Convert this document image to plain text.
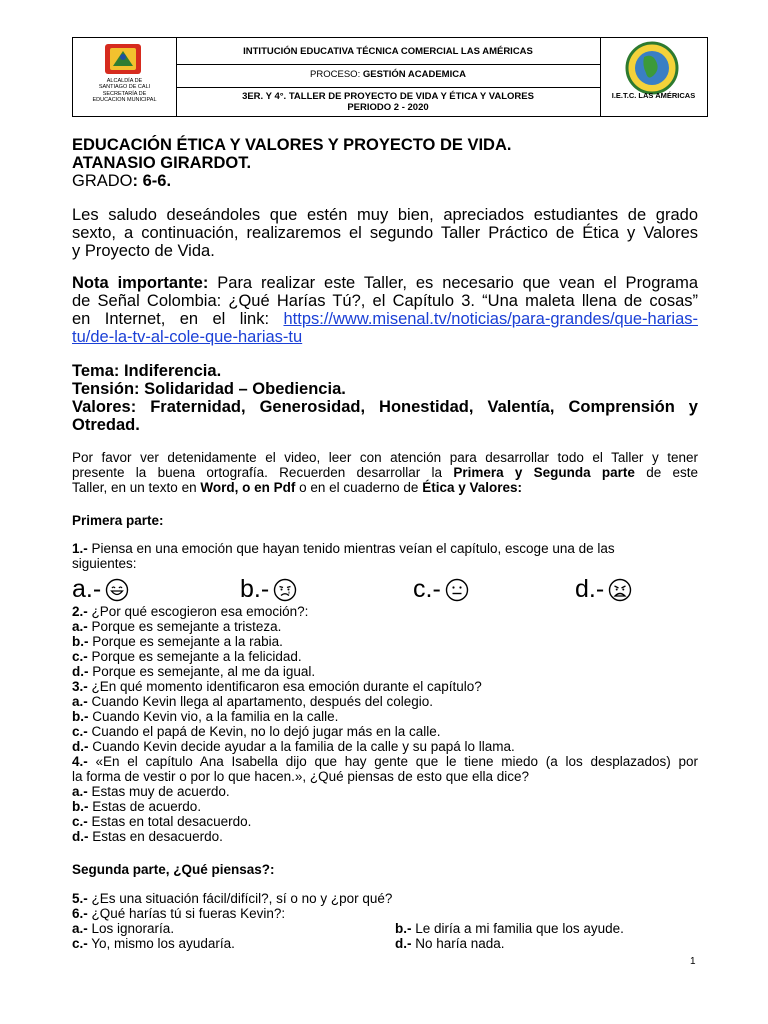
ALCALDÍA DE
SANTIAGO DE CALI
SECRETARÍA DE
EDUCACION MUNICIPAL
INTITUCIÓN EDUCATIVA TÉCNICA COMERCIAL LAS AMÉRICAS
PROCESO: GESTIÓN ACADEMICA
3ER. Y 4°. TALLER DE PROYECTO DE VIDA Y ÉTICA Y VALORES
PERIODO 2 - 2020
I.E.T.C. LAS AMÉRICAS
EDUCACIÓN ÉTICA Y VALORES Y PROYECTO DE VIDA.
ATANASIO GIRARDOT.
GRADO: 6-6.
Les saludo deseándoles que estén muy bien, apreciados estudiantes de grado
sexto, a continuación, realizaremos el segundo Taller Práctico de Ética y Valores
y Proyecto de Vida.
Nota importante: Para realizar este Taller, es necesario que vean el Programa
de Señal Colombia: ¿Qué Harías Tú?, el Capítulo 3. “Una maleta llena de cosas”
en Internet, en el link: https://www.misenal.tv/noticias/para-grandes/que-harias-
tu/de-la-tv-al-cole-que-harias-tu
Tema: Indiferencia.
Tensión: Solidaridad – Obediencia.
Valores: Fraternidad, Generosidad, Honestidad, Valentía, Comprensión y
Otredad.
Por favor ver detenidamente el video, leer con atención para desarrollar todo el Taller y tener
presente la buena ortografía. Recuerden desarrollar la Primera y Segunda parte de este
Taller, en un texto en Word, o en Pdf o en el cuaderno de Ética y Valores:
Primera parte:
1.- Piensa en una emoción que hayan tenido mientras veían el capítulo, escoge una de las
siguientes:
a.-	b.-	c.-	d.-
2.- ¿Por qué escogieron esa emoción?:
a.- Porque es semejante a tristeza.
b.- Porque es semejante a la rabia.
c.- Porque es semejante a la felicidad.
d.- Porque es semejante, al me da igual.
3.- ¿En qué momento identificaron esa emoción durante el capítulo?
a.- Cuando Kevin llega al apartamento, después del colegio.
b.- Cuando Kevin vio, a la familia en la calle.
c.- Cuando el papá de Kevin, no lo dejó jugar más en la calle.
d.- Cuando Kevin decide ayudar a la familia de la calle y su papá lo llama.
4.- «En el capítulo Ana Isabella dijo que hay gente que le tiene miedo (a los desplazados) por
la forma de vestir o por lo que hacen.», ¿Qué piensas de esto que ella dice?
a.- Estas muy de acuerdo.
b.- Estas de acuerdo.
c.- Estas en total desacuerdo.
d.- Estas en desacuerdo.
Segunda parte, ¿Qué piensas?:
5.- ¿Es una situación fácil/difícil?, sí o no y ¿por qué?
6.- ¿Qué harías tú si fueras Kevin?:
a.- Los ignoraría.	b.- Le diría a mi familia que los ayude.
c.- Yo, mismo los ayudaría.	d.- No haría nada.
1
